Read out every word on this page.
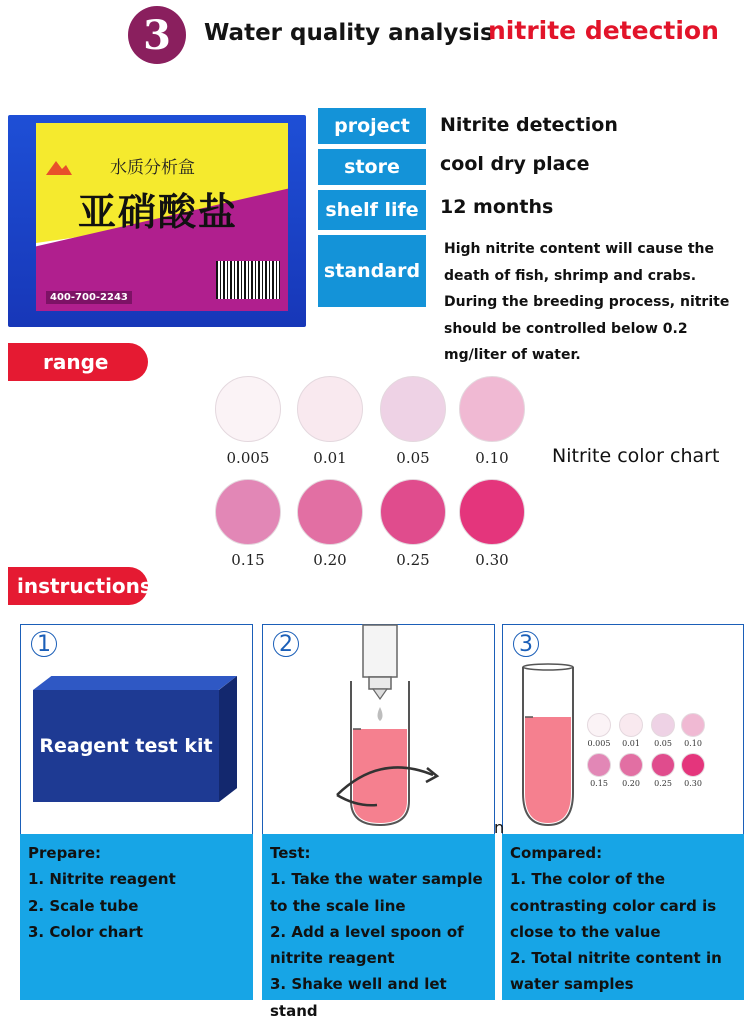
3	Water quality analysis
nitrite detection
水质分析盒
亚硝酸盐
400-700-2243
project	Nitrite detection
store	cool dry place
shelf life	12 months
standard
High nitrite content will cause the death of fish, shrimp and crabs. During the breeding process, nitrite should be controlled below 0.2 mg/liter of water.
range
0.005	0.01	0.05	0.10
0.15	0.20	0.25	0.30
Nitrite color chart
instructions
1
Reagent test kit
Prepare:
1. Nitrite reagent
2. Scale tube
3. Color chart
2
Test:
1. Take the water sample to the scale line
2. Add a level spoon of nitrite reagent
3. Shake well and let stand
3
0.005	0.01	0.05	0.10
0.15	0.20	0.25	0.30
Compared:
1. The color of the contrasting color card is close to the value
2. Total nitrite content in water samples
n
